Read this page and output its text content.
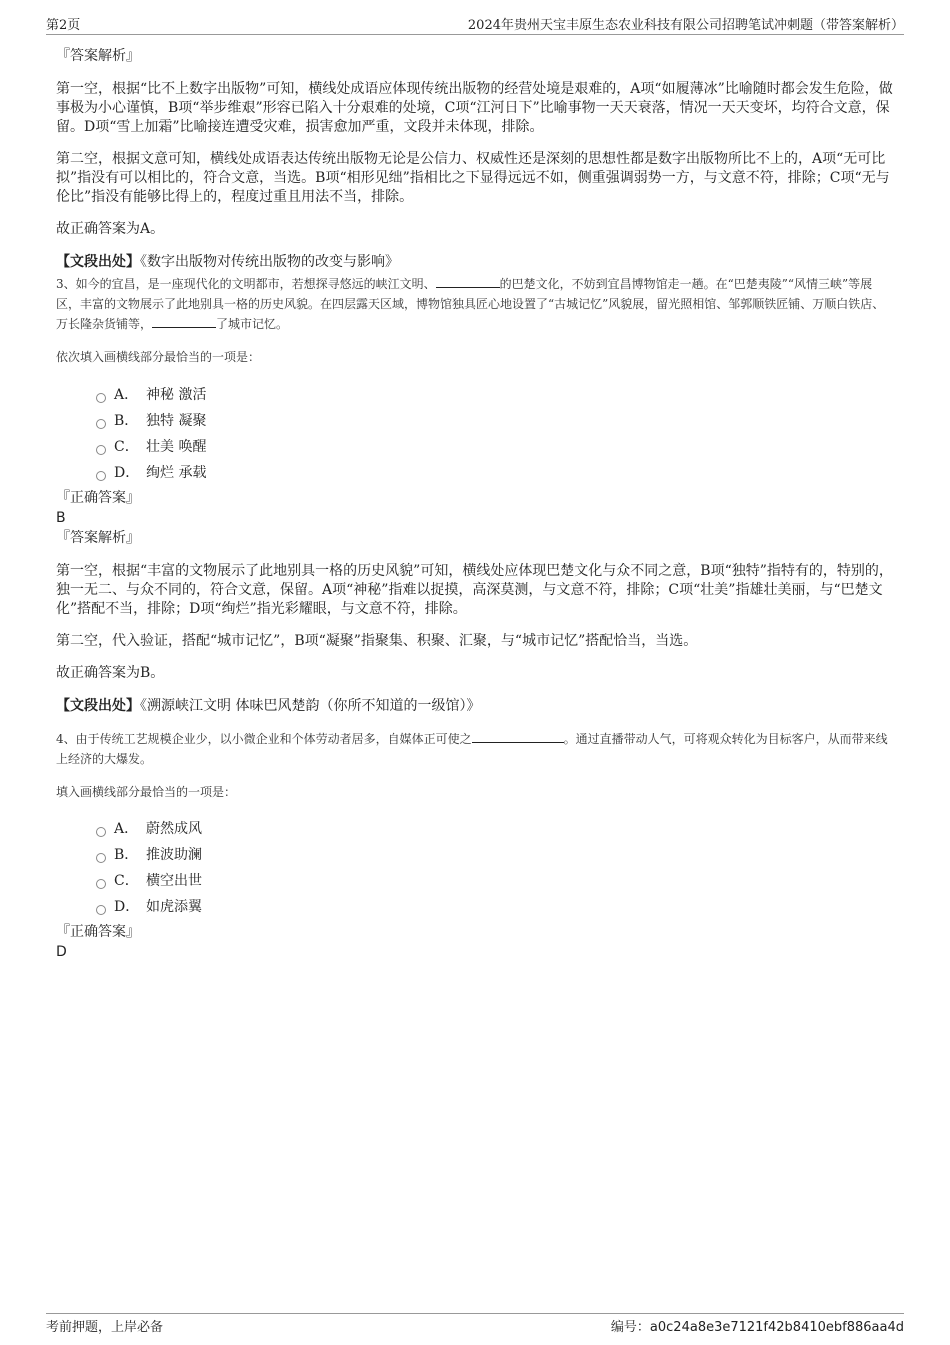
第2页	2024年贵州天宝丰原生态农业科技有限公司招聘笔试冲刺题（带答案解析）

『答案解析』

第一空，根据“比不上数字出版物”可知，横线处成语应体现传统出版物的经营处境是艰难的，A项“如履薄冰”比喻随时都会发生危险，做事极为小心谨慎，B项“举步维艰”形容已陷入十分艰难的处境，C项“江河日下”比喻事物一天天衰落，情况一天天变坏，均符合文意，保留。D项“雪上加霜”比喻接连遭受灾难，损害愈加严重，文段并未体现，排除。

第二空，根据文意可知，横线处成语表达传统出版物无论是公信力、权威性还是深刻的思想性都是数字出版物所比不上的，A项“无可比拟”指没有可以相比的，符合文意，当选。B项“相形见绌”指相比之下显得远远不如，侧重强调弱势一方，与文意不符，排除；C项“无与伦比”指没有能够比得上的，程度过重且用法不当，排除。

故正确答案为A。

【文段出处】《数字出版物对传统出版物的改变与影响》

3、如今的宜昌，是一座现代化的文明都市，若想探寻悠远的峡江文明、	的巴楚文化，不妨到宜昌博物馆走一趟。在“巴楚夷陵”“风情三峡”等展区，丰富的文物展示了此地别具一格的历史风貌。在四层露天区域，博物馆独具匠心地设置了“古城记忆”风貌展，留光照相馆、邹郭顺铁匠铺、万顺白铁店、万长隆杂货铺等，	了城市记忆。

依次填入画横线部分最恰当的一项是：

A． 神秘 激活
B． 独特 凝聚
C． 壮美 唤醒
D． 绚烂 承载

『正确答案』

B

『答案解析』

第一空，根据“丰富的文物展示了此地别具一格的历史风貌”可知，横线处应体现巴楚文化与众不同之意，B项“独特”指特有的，特别的，独一无二、与众不同的，符合文意，保留。A项“神秘”指难以捉摸，高深莫测，与文意不符，排除；C项“壮美”指雄壮美丽，与“巴楚文化”搭配不当，排除；D项“绚烂”指光彩耀眼，与文意不符，排除。

第二空，代入验证，搭配“城市记忆”，B项“凝聚”指聚集、积聚、汇聚，与“城市记忆”搭配恰当，当选。

故正确答案为B。

【文段出处】《溯源峡江文明 体味巴风楚韵（你所不知道的一级馆）》

4、由于传统工艺规模企业少，以小微企业和个体劳动者居多，自媒体正可使之	。通过直播带动人气，可将观众转化为目标客户，从而带来线上经济的大爆发。

填入画横线部分最恰当的一项是：

A． 蔚然成风
B． 推波助澜
C． 横空出世
D． 如虎添翼

『正确答案』

D

考前押题，上岸必备	编号：a0c24a8e3e7121f42b8410ebf886aa4d
